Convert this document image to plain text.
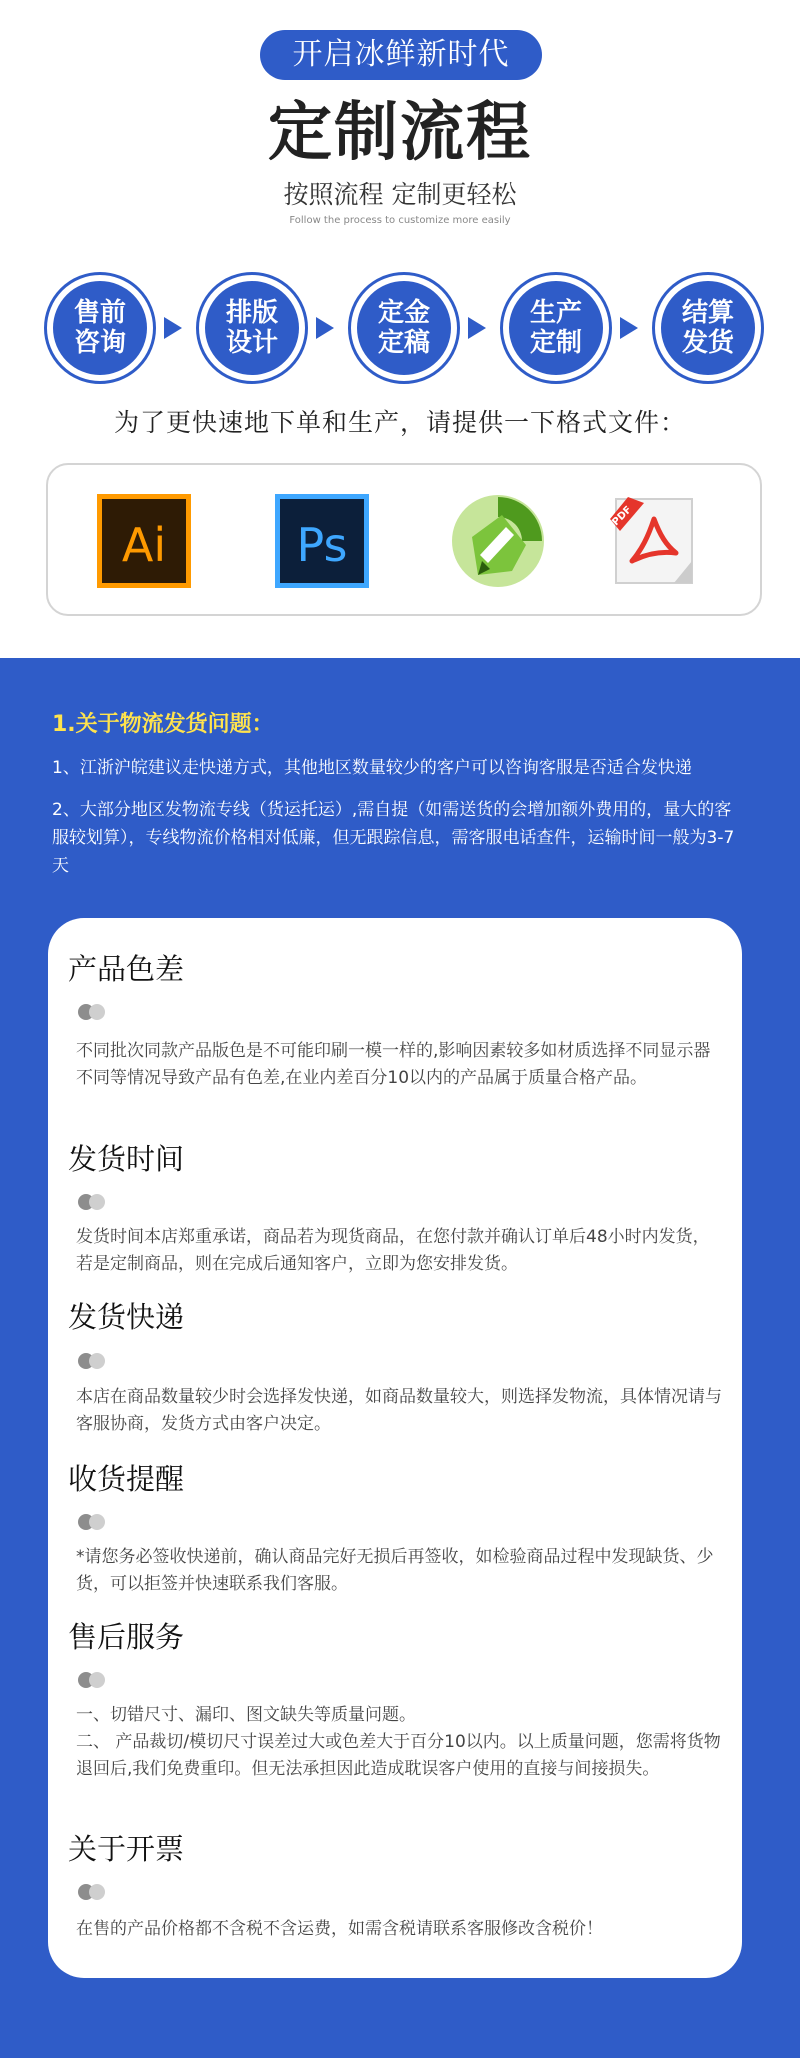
开启冰鲜新时代
定制流程
按照流程 定制更轻松
Follow the process to customize more easily
售前
咨询
排版
设计
定金
定稿
生产
定制
结算
发货
为了更快速地下单和生产，请提供一下格式文件：
Ai	Ps
PDF
1.关于物流发货问题：
1、江浙沪皖建议走快递方式，其他地区数量较少的客户可以咨询客服是否适合发快递
2、大部分地区发物流专线（货运托运）,需自提（如需送货的会增加额外费用的，量大的客服较划算），专线物流价格相对低廉，但无跟踪信息，需客服电话查件，运输时间一般为3-7天
产品色差
不同批次同款产品版色是不可能印刷一模一样的,影响因素较多如材质选择不同显示器不同等情况导致产品有色差,在业内差百分10以内的产品属于质量合格产品。
发货时间
发货时间本店郑重承诺，商品若为现货商品，在您付款并确认订单后48小时内发货，若是定制商品，则在完成后通知客户，立即为您安排发货。
发货快递
本店在商品数量较少时会选择发快递，如商品数量较大，则选择发物流，具体情况请与客服协商，发货方式由客户决定。
收货提醒
*请您务必签收快递前，确认商品完好无损后再签收，如检验商品过程中发现缺货、少货，可以拒签并快速联系我们客服。
售后服务
一、切错尺寸、漏印、图文缺失等质量问题。
二、 产品裁切/模切尺寸误差过大或色差大于百分10以内。以上质量问题，您需将货物退回后,我们免费重印。但无法承担因此造成耽误客户使用的直接与间接损失。
关于开票
在售的产品价格都不含税不含运费，如需含税请联系客服修改含税价！
